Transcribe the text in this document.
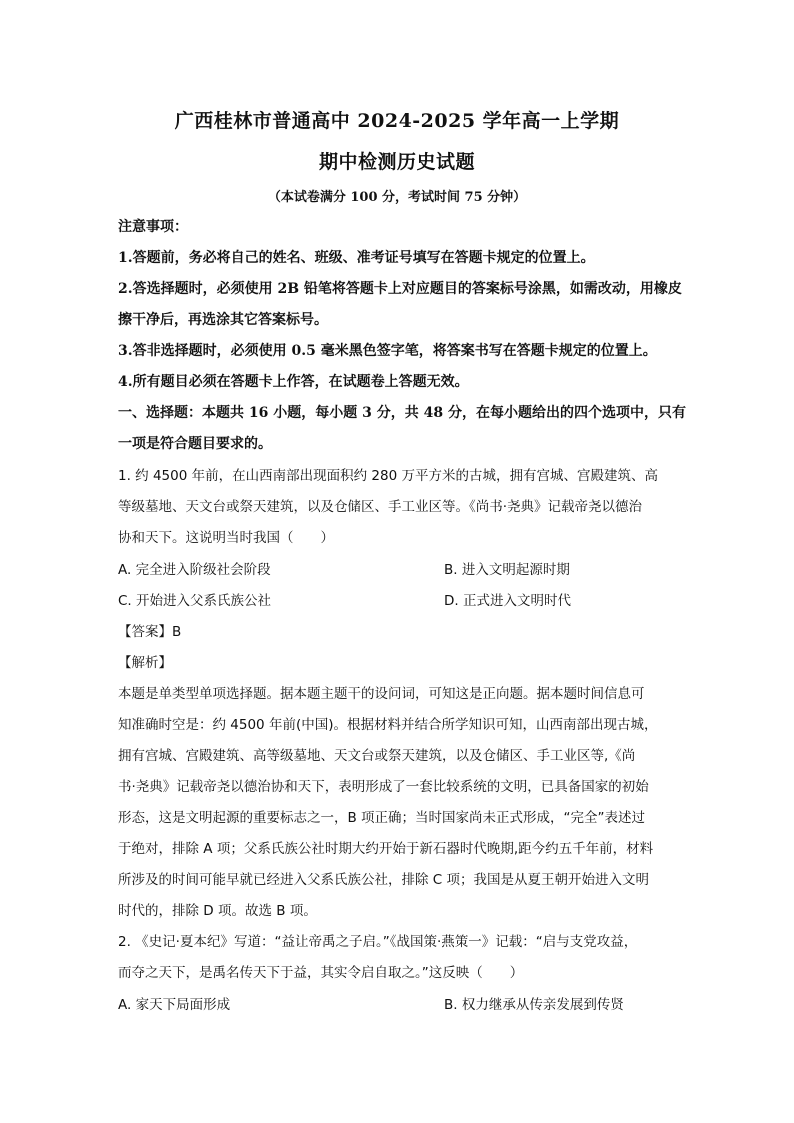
广西桂林市普通高中 2024-2025 学年高一上学期
期中检测历史试题
（本试卷满分 100 分，考试时间 75 分钟）
注意事项：
1.答题前，务必将自己的姓名、班级、准考证号填写在答题卡规定的位置上。
2.答选择题时，必须使用 2B 铅笔将答题卡上对应题目的答案标号涂黑，如需改动，用橡皮
擦干净后，再选涂其它答案标号。
3.答非选择题时，必须使用 0.5 毫米黑色签字笔，将答案书写在答题卡规定的位置上。
4.所有题目必须在答题卡上作答，在试题卷上答题无效。
一、选择题：本题共 16 小题，每小题 3 分，共 48 分，在每小题给出的四个选项中，只有
一项是符合题目要求的。
1. 约 4500 年前，在山西南部出现面积约 280 万平方米的古城，拥有宫城、宫殿建筑、高
等级墓地、天文台或祭天建筑，以及仓储区、手工业区等。《尚书·尧典》记载帝尧以德治
协和天下。这说明当时我国（　　）
A. 完全进入阶级社会阶段	B. 进入文明起源时期
C. 开始进入父系氏族公社	D. 正式进入文明时代
【答案】B
【解析】
本题是单类型单项选择题。据本题主题干的设问词，可知这是正向题。据本题时间信息可
知准确时空是：约 4500 年前(中国)。根据材料并结合所学知识可知，山西南部出现古城，
拥有宫城、宫殿建筑、高等级墓地、天文台或祭天建筑，以及仓储区、手工业区等,《尚
书·尧典》记载帝尧以德治协和天下，表明形成了一套比较系统的文明，已具备国家的初始
形态，这是文明起源的重要标志之一，B 项正确；当时国家尚未正式形成，“完全”表述过
于绝对，排除 A 项；父系氏族公社时期大约开始于新石器时代晚期,距今约五千年前，材料
所涉及的时间可能早就已经进入父系氏族公社，排除 C 项；我国是从夏王朝开始进入文明
时代的，排除 D 项。故选 B 项。
2. 《史记·夏本纪》写道：“益让帝禹之子启。”《战国策·燕策一》记载：“启与支党攻益，
而夺之天下，是禹名传天下于益，其实令启自取之。”这反映（　　）
A. 家天下局面形成	B. 权力继承从传亲发展到传贤
